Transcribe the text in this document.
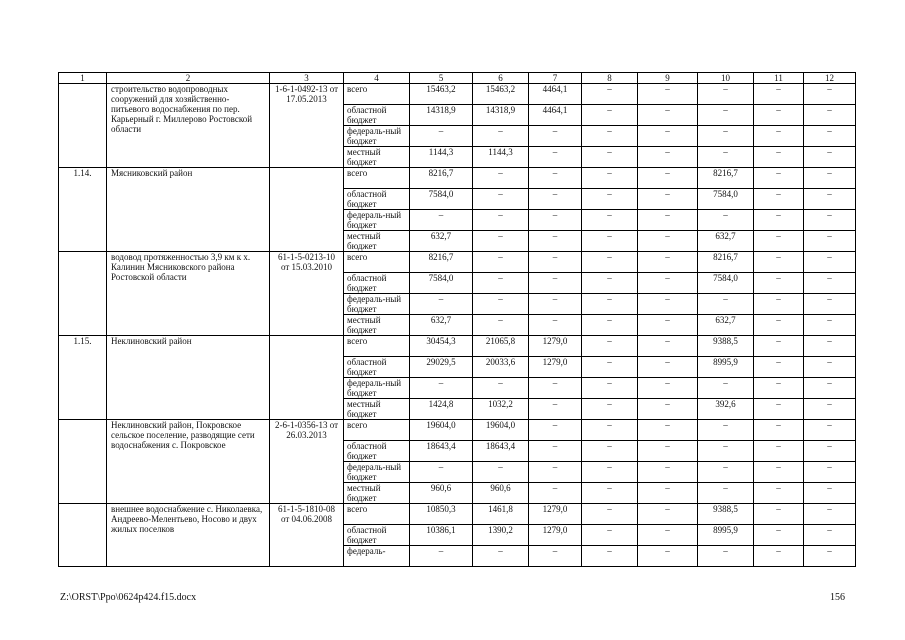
1	2	3	4	5	6	7	8	9	10	11	12
	строительство водопроводных сооружений для хозяйственно-питьевого водоснабжения по пер. Карьерный г. Миллерово Ростовской области	1-6-1-0492-13 от 17.05.2013	всего	15463,2	15463,2	4464,1	–	–	–	–	–
			областной бюджет	14318,9	14318,9	4464,1	–	–	–	–	–
			федераль-ный бюджет	–	–	–	–	–	–	–	–
			местный бюджет	1144,3	1144,3	–	–	–	–	–	–
1.14.	Мясниковский район		всего	8216,7	–	–	–	–	8216,7	–	–
			областной бюджет	7584,0	–	–	–	–	7584,0	–	–
			федераль-ный бюджет	–	–	–	–	–	–	–	–
			местный бюджет	632,7	–	–	–	–	632,7	–	–
	водовод протяженностью 3,9 км к х. Калинин Мясниковского района Ростовской области	61-1-5-0213-10 от 15.03.2010	всего	8216,7	–	–	–	–	8216,7	–	–
			областной бюджет	7584,0	–	–	–	–	7584,0	–	–
			федераль-ный бюджет	–	–	–	–	–	–	–	–
			местный бюджет	632,7	–	–	–	–	632,7	–	–
1.15.	Неклиновский район		всего	30454,3	21065,8	1279,0	–	–	9388,5	–	–
			областной бюджет	29029,5	20033,6	1279,0	–	–	8995,9	–	–
			федераль-ный бюджет	–	–	–	–	–	–	–	–
			местный бюджет	1424,8	1032,2	–	–	–	392,6	–	–
	Неклиновский район, Покровское сельское поселение, разводящие сети водоснабжения с. Покровское	2-6-1-0356-13 от 26.03.2013	всего	19604,0	19604,0	–	–	–	–	–	–
			областной бюджет	18643,4	18643,4	–	–	–	–	–	–
			федераль-ный бюджет	–	–	–	–	–	–	–	–
			местный бюджет	960,6	960,6	–	–	–	–	–	–
	внешнее водоснабжение с. Николаевка, Андреево-Мелентьево, Носово и двух жилых поселков	61-1-5-1810-08 от 04.06.2008	всего	10850,3	1461,8	1279,0	–	–	9388,5	–	–
			областной бюджет	10386,1	1390,2	1279,0	–	–	8995,9	–	–
			федераль-	–	–	–	–	–	–	–	–
Z:\ORST\Ppo\0624p424.f15.docx	156
